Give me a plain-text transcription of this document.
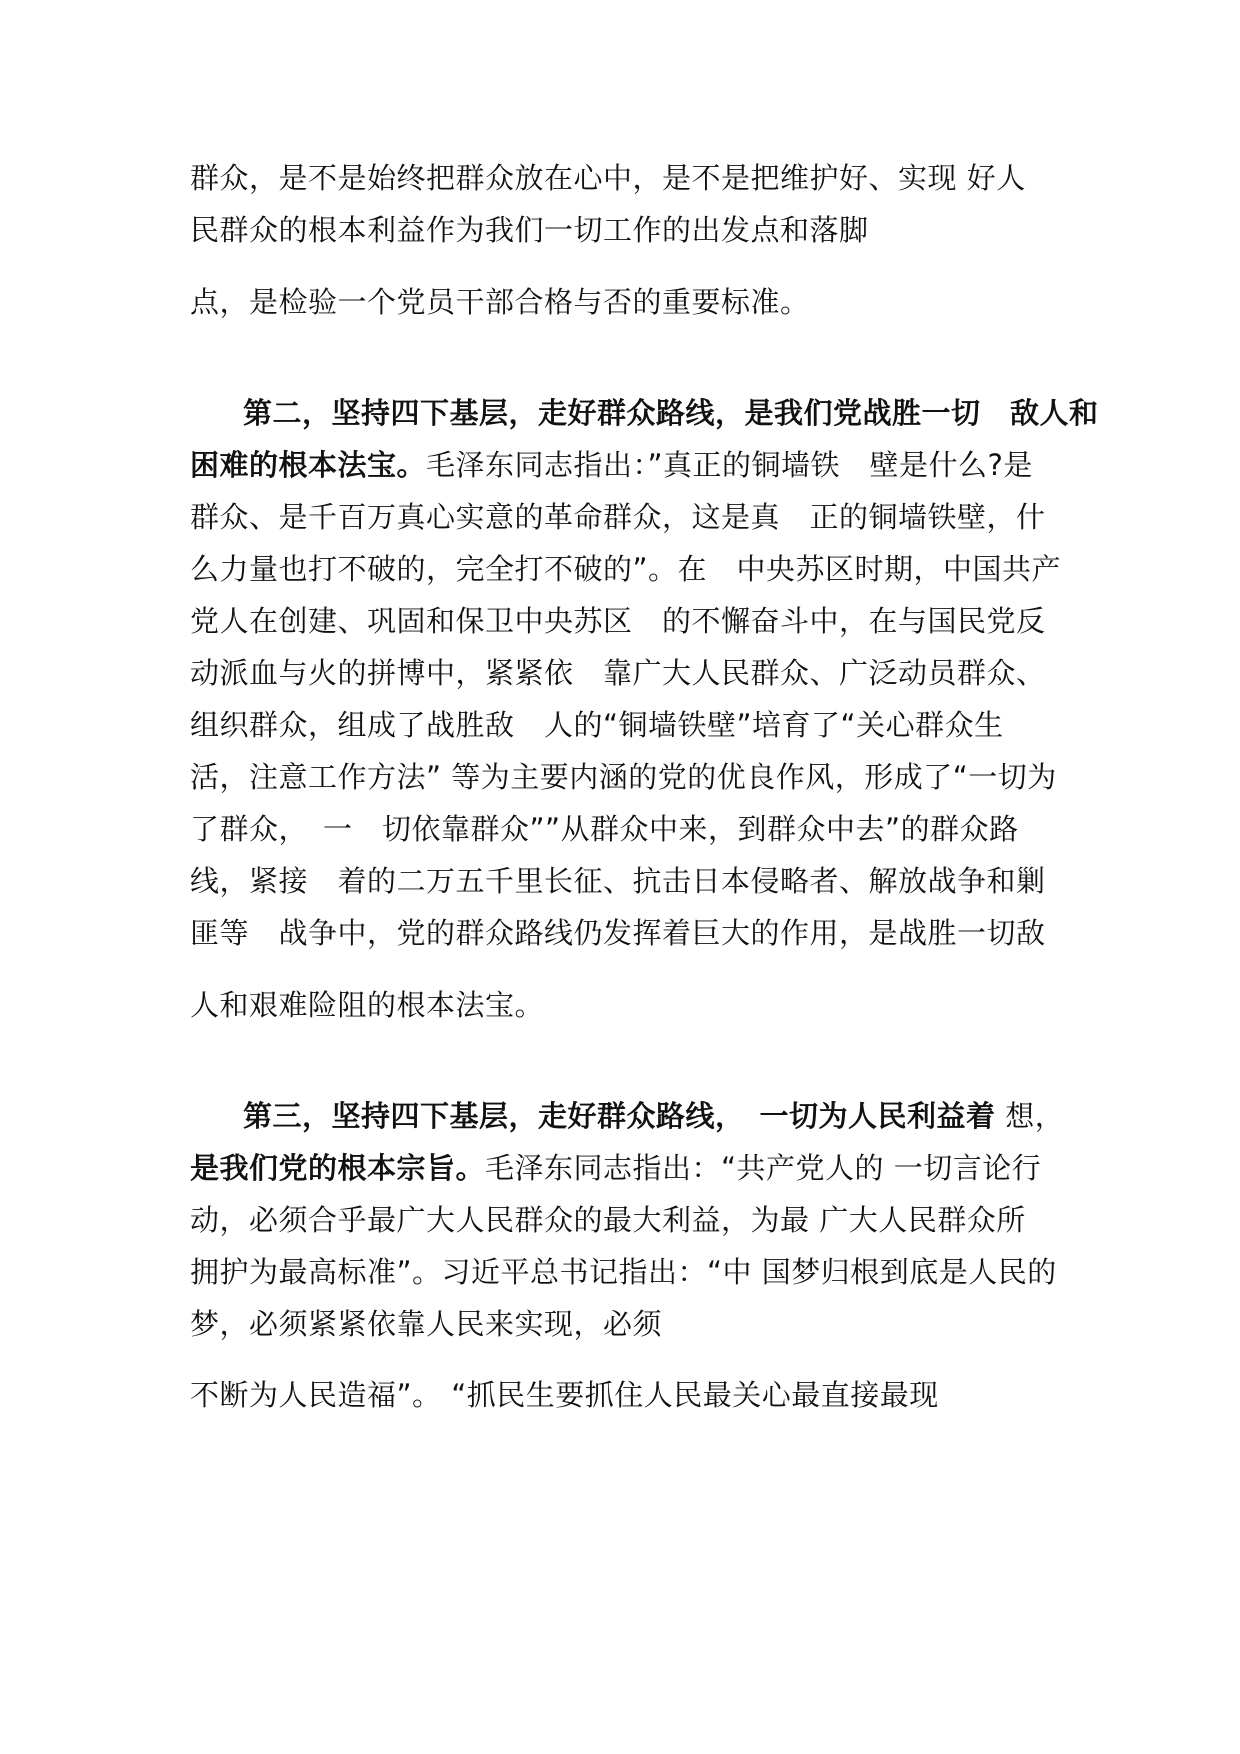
群众，是不是始终把群众放在心中，是不是把维护好、实现 好人
民群众的根本利益作为我们一切工作的出发点和落脚
点，是检验一个党员干部合格与否的重要标准。
第二，坚持四下基层，走好群众路线，是我们党战胜一切　敌人和
困难的根本法宝。毛泽东同志指出：”真正的铜墙铁　壁是什么?是
群众、是千百万真心实意的革命群众，这是真　正的铜墙铁壁，什
么力量也打不破的，完全打不破的”。在　中央苏区时期，中国共产
党人在创建、巩固和保卫中央苏区　的不懈奋斗中，在与国民党反
动派血与火的拼博中，紧紧依　靠广大人民群众、广泛动员群众、
组织群众，组成了战胜敌　人的“铜墙铁壁”培育了“关心群众生
活，注意工作方法” 等为主要内涵的党的优良作风，形成了“一切为
了群众，　一　切依靠群众””从群众中来，到群众中去”的群众路
线，紧接　着的二万五千里长征、抗击日本侵略者、解放战争和剿
匪等　战争中，党的群众路线仍发挥着巨大的作用，是战胜一切敌
人和艰难险阻的根本法宝。
第三，坚持四下基层，走好群众路线，　一切为人民利益着 想，
是我们党的根本宗旨。毛泽东同志指出：“共产党人的 一切言论行
动，必须合乎最广大人民群众的最大利益，为最 广大人民群众所
拥护为最高标准”。习近平总书记指出：“中 国梦归根到底是人民的
梦，必须紧紧依靠人民来实现，必须
不断为人民造福”。 “抓民生要抓住人民最关心最直接最现
